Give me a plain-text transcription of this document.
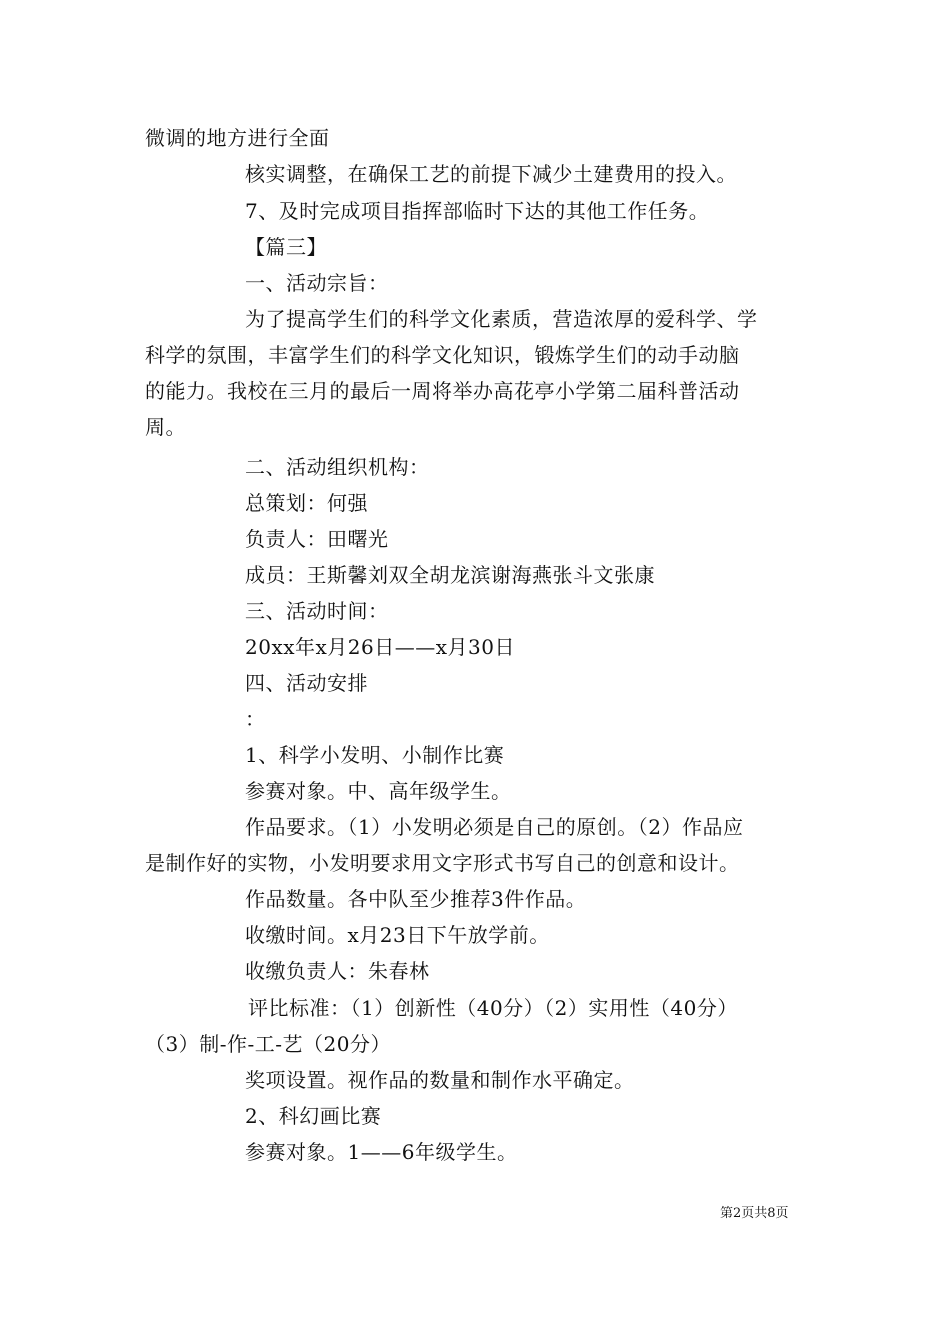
微调的地方进行全面
核实调整，在确保工艺的前提下减少土建费用的投入。
7、及时完成项目指挥部临时下达的其他工作任务。
【篇三】
一、活动宗旨：
为了提高学生们的科学文化素质，营造浓厚的爱科学、学
科学的氛围，丰富学生们的科学文化知识，锻炼学生们的动手动脑
的能力。我校在三月的最后一周将举办高花亭小学第二届科普活动
周。
二、活动组织机构：
总策划：何强
负责人：田曙光
成员：王斯馨刘双全胡龙滨谢海燕张斗文张康
三、活动时间：
20xx年x月26日——x月30日
四、活动安排
：
1、科学小发明、小制作比赛
参赛对象。中、高年级学生。
作品要求。（1）小发明必须是自己的原创。（2）作品应
是制作好的实物，小发明要求用文字形式书写自己的创意和设计。
作品数量。各中队至少推荐3件作品。
收缴时间。x月23日下午放学前。
收缴负责人：朱春林
评比标准：（1）创新性（40分）（2）实用性（40分）
（3）制-作-工-艺（20分）
奖项设置。视作品的数量和制作水平确定。
2、科幻画比赛
参赛对象。1——6年级学生。
第2页共8页
